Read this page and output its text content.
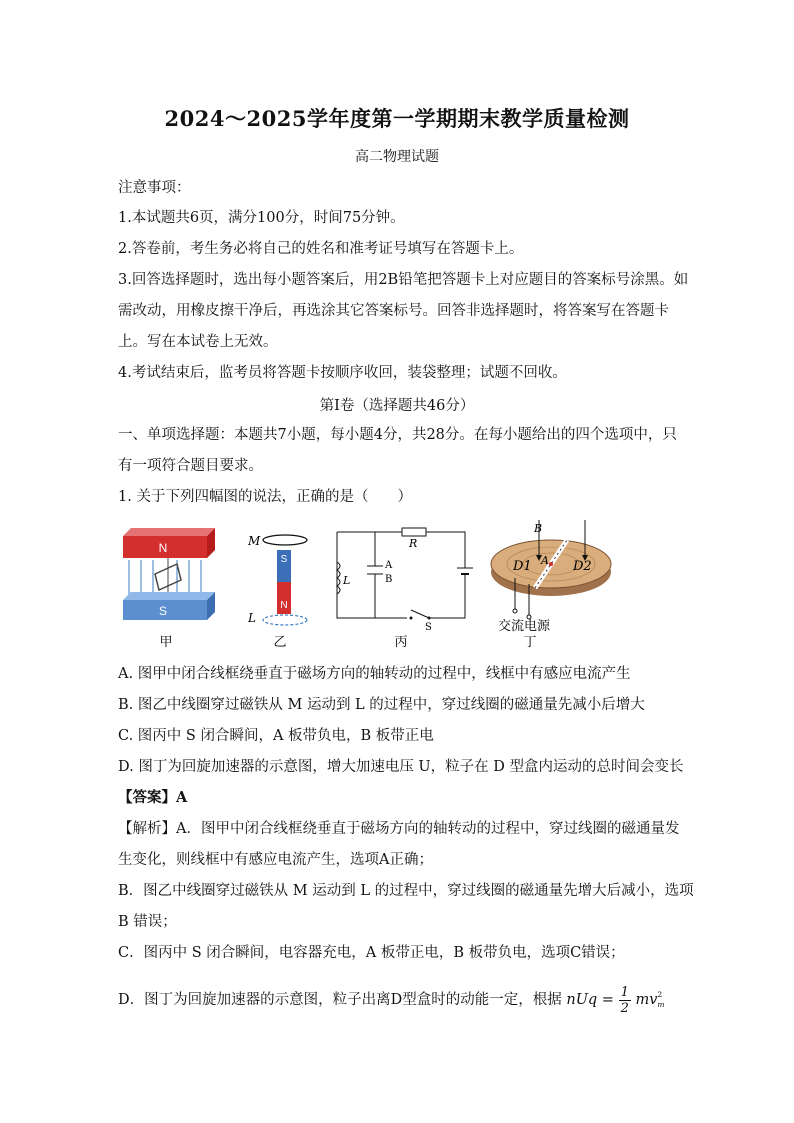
2024～2025学年度第一学期期末教学质量检测
高二物理试题
注意事项：
1.本试题共6页，满分100分，时间75分钟。
2.答卷前，考生务必将自己的姓名和准考证号填写在答题卡上。
3.回答选择题时，选出每小题答案后，用2B铅笔把答题卡上对应题目的答案标号涂黑。如
需改动，用橡皮擦干净后，再选涂其它答案标号。回答非选择题时，将答案写在答题卡
上。写在本试卷上无效。
4.考试结束后，监考员将答题卡按顺序收回，装袋整理；试题不回收。
第Ⅰ卷（选择题共46分）
一、单项选择题：本题共7小题，每小题4分，共28分。在每小题给出的四个选项中，只
有一项符合题目要求。
1. 关于下列四幅图的说法，正确的是（　　）
N
S
甲
M
S
N
L
乙
R
L
A
B
S
丙
B
A
D1	D2
交流电源
丁
A. 图甲中闭合线框绕垂直于磁场方向的轴转动的过程中，线框中有感应电流产生
B. 图乙中线圈穿过磁铁从 M 运动到 L 的过程中，穿过线圈的磁通量先减小后增大
C. 图丙中 S 闭合瞬间，A 板带负电，B 板带正电
D. 图丁为回旋加速器的示意图，增大加速电压 U，粒子在 D 型盒内运动的总时间会变长
【答案】A
【解析】A．图甲中闭合线框绕垂直于磁场方向的轴转动的过程中，穿过线圈的磁通量发
生变化，则线框中有感应电流产生，选项A正确；
B．图乙中线圈穿过磁铁从 M 运动到 L 的过程中，穿过线圈的磁通量先增大后减小，选项
B 错误；
C．图丙中 S 闭合瞬间，电容器充电，A 板带正电，B 板带负电，选项C错误；
D．图丁为回旋加速器的示意图，粒子出离D型盒时的动能一定，根据 nUq = $\frac{1}{2}$ mv 2
m
